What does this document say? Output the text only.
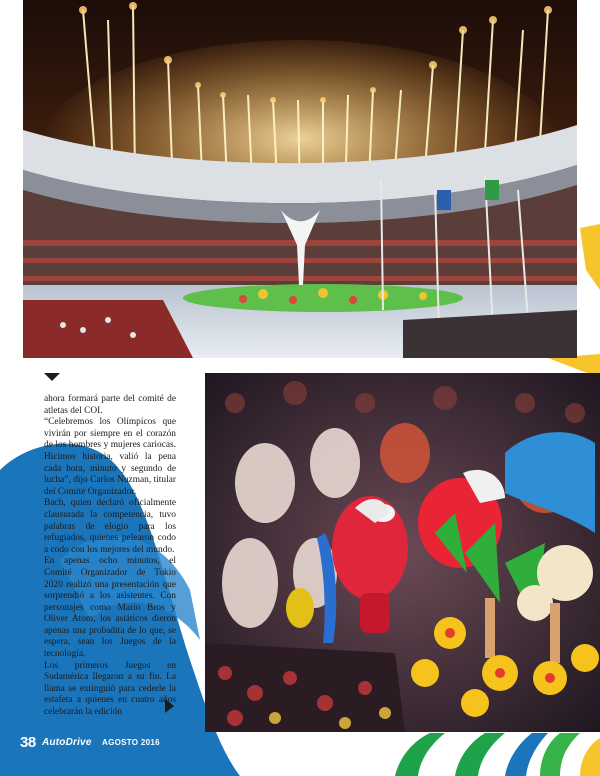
ahora formará parte del comité de atletas del COI.

“Celebremos los Olímpicos que vivirán por siempre en el corazón de los hombres y mujeres cariocas. Hicimos historia, valió la pena cada hora, minuto y segundo de lucha”, dijo Carlos Nuzman, titular del Comité Organizador.

Bach, quien declaró oficialmente clausurada la competencia, tuvo palabras de elogio para los refugiados, quienes pelearon codo a codo con los mejores del mundo.

En apenas ocho minutos, el Comité Organizador de Tokio 2020 realizó una presentación que sorprendió a los asistentes. Con personajes como Mario Bros y Oliver Atom, los asiáticos dieron apenas una probadita de lo que, se espera, sean los Juegos de la tecnología.

Los primeros Juegos en Sudamérica llegaron a su fin. La llama se extinguió para cederle la estafeta a quienes en cuatro años celebrarán la edición

38 AutoDrive AGOSTO 2016
